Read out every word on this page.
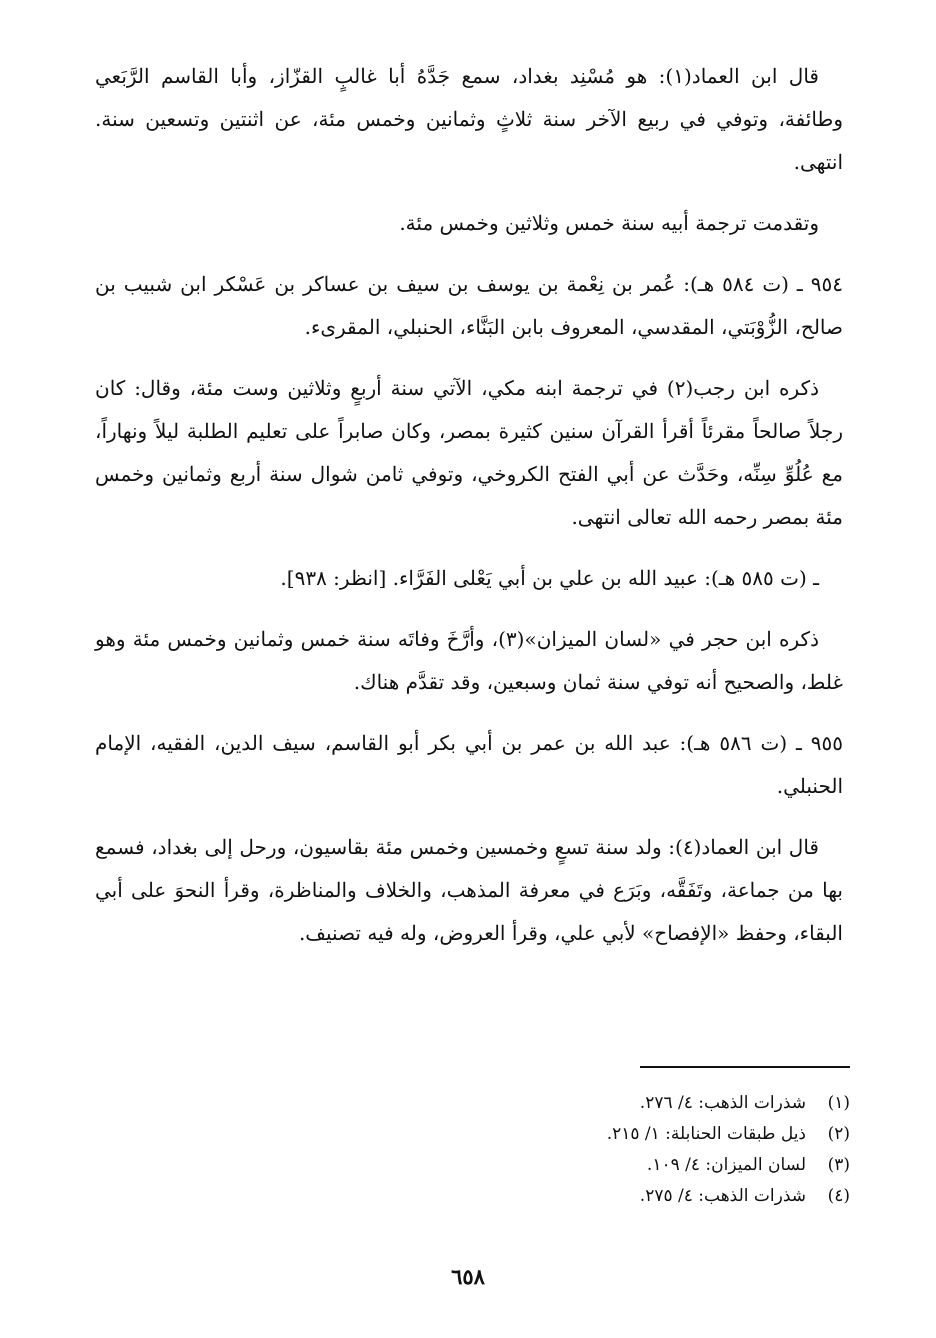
قال ابن العماد(١): هو مُسْنِد بغداد، سمع جَدَّهُ أبا غالبٍ القزّاز، وأبا القاسم الرَّبَعي وطائفة، وتوفي في ربيع الآخر سنة ثلاثٍ وثمانين وخمس مئة، عن اثنتين وتسعين سنة. انتهى.

وتقدمت ترجمة أبيه سنة خمس وثلاثين وخمس مئة.

٩٥٤ ـ (ت ٥٨٤ هـ): عُمر بن نِعْمة بن يوسف بن سيف بن عساكر بن عَسْكر ابن شبيب بن صالح، الزُّوْبَتي، المقدسي، المعروف بابن البَنَّاء، الحنبلي، المقرىء.

ذكره ابن رجب(٢) في ترجمة ابنه مكي، الآتي سنة أربعٍ وثلاثين وست مئة، وقال: كان رجلاً صالحاً مقرئاً أقرأ القرآن سنين كثيرة بمصر، وكان صابراً على تعليم الطلبة ليلاً ونهاراً، مع عُلُوِّ سِنِّه، وحَدَّث عن أبي الفتح الكروخي، وتوفي ثامن شوال سنة أربع وثمانين وخمس مئة بمصر رحمه الله تعالى انتهى.

ـ (ت ٥٨٥ هـ): عبيد الله بن علي بن أبي يَعْلى الفَرَّاء. [انظر: ٩٣٨].

ذكره ابن حجر في «لسان الميزان»(٣)، وأرَّخَ وفاتَه سنة خمس وثمانين وخمس مئة وهو غلط، والصحيح أنه توفي سنة ثمان وسبعين، وقد تقدَّم هناك.

٩٥٥ ـ (ت ٥٨٦ هـ): عبد الله بن عمر بن أبي بكر أبو القاسم، سيف الدين، الفقيه، الإمام الحنبلي.

قال ابن العماد(٤): ولد سنة تسعٍ وخمسين وخمس مئة بقاسيون، ورحل إلى بغداد، فسمع بها من جماعة، وتَفَقَّه، وبَرَع في معرفة المذهب، والخلاف والمناظرة، وقرأ النحوَ على أبي البقاء، وحفظ «الإفصاح» لأبي علي، وقرأ العروض، وله فيه تصنيف.

(١)
شذرات الذهب: ٤/ ٢٧٦.
(٢)
ذيل طبقات الحنابلة: ١/ ٢١٥.
(٣)
لسان الميزان: ٤/ ١٠٩.
(٤)
شذرات الذهب: ٤/ ٢٧٥.
٦٥٨
